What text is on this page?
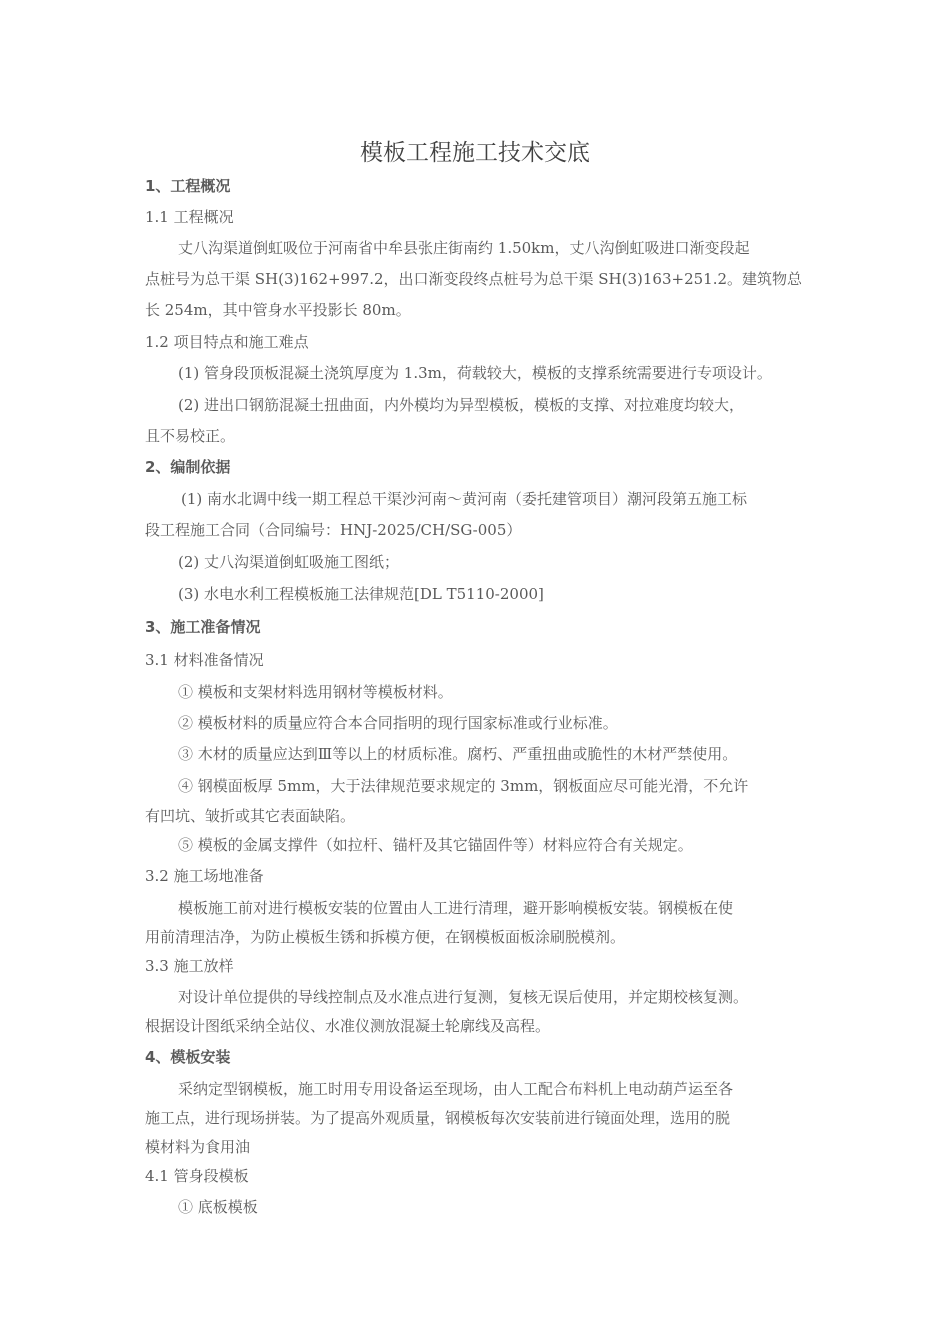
模板工程施工技术交底
1、工程概况
1.1 工程概况
丈八沟渠道倒虹吸位于河南省中牟县张庄街南约 1.50km，丈八沟倒虹吸进口渐变段起
点桩号为总干渠 SH(3)162+997.2，出口渐变段终点桩号为总干渠 SH(3)163+251.2。建筑物总
长 254m，其中管身水平投影长 80m。
1.2 项目特点和施工难点
(1) 管身段顶板混凝土浇筑厚度为 1.3m，荷载较大，模板的支撑系统需要进行专项设计。
(2) 进出口钢筋混凝土扭曲面，内外模均为异型模板，模板的支撑、对拉难度均较大，
且不易校正。
2、编制依据
(1) 南水北调中线一期工程总干渠沙河南～黄河南（委托建管项目）潮河段第五施工标
段工程施工合同（合同编号：HNJ-2025/CH/SG-005）
(2) 丈八沟渠道倒虹吸施工图纸；
(3) 水电水利工程模板施工法律规范[DL T5110-2000]
3、施工准备情况
3.1 材料准备情况
① 模板和支架材料选用钢材等模板材料。
② 模板材料的质量应符合本合同指明的现行国家标准或行业标准。
③ 木材的质量应达到Ⅲ等以上的材质标准。腐朽、严重扭曲或脆性的木材严禁使用。
④ 钢模面板厚 5mm，大于法律规范要求规定的 3mm，钢板面应尽可能光滑，不允许
有凹坑、皱折或其它表面缺陷。
⑤ 模板的金属支撑件（如拉杆、锚杆及其它锚固件等）材料应符合有关规定。
3.2 施工场地准备
模板施工前对进行模板安装的位置由人工进行清理，避开影响模板安装。钢模板在使
用前清理洁净，为防止模板生锈和拆模方便，在钢模板面板涂刷脱模剂。
3.3 施工放样
对设计单位提供的导线控制点及水准点进行复测，复核无误后使用，并定期校核复测。
根据设计图纸采纳全站仪、水准仪测放混凝土轮廓线及高程。
4、模板安装
采纳定型钢模板，施工时用专用设备运至现场，由人工配合布料机上电动葫芦运至各
施工点，进行现场拼装。为了提高外观质量，钢模板每次安装前进行镜面处理，选用的脱
模材料为食用油
4.1 管身段模板
① 底板模板
